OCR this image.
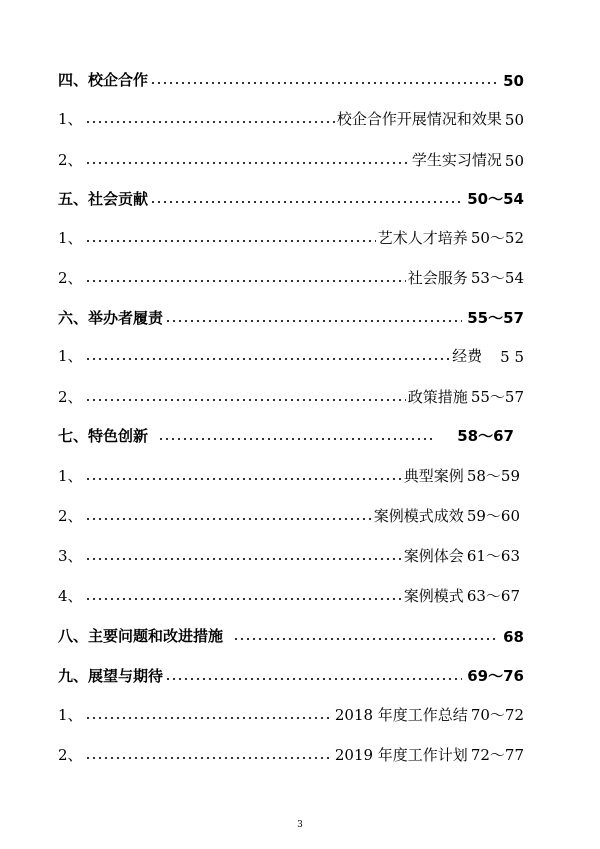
四、 校企合作	50
1、	校企合作开展情况和效果 50
2、	学生实习情况 50
五、 社会贡献	50～54
1、	艺术人才培养 50～52
2、	社会服务 53～54
六、 举办者履责	55～57
1、	经费 5 5
2、	政策措施 55～57
七、 特色创新	58～67
1、	典型案例 58～59
2、	案例模式成效 59～60
3、	案例体会 61～63
4、	案例模式 63～67
八、 主要问题和改进措施	68
九、 展望与期待	69～76
1、	2018 年度工作总结 70～72
2、	2019 年度工作计划 72～77
3
